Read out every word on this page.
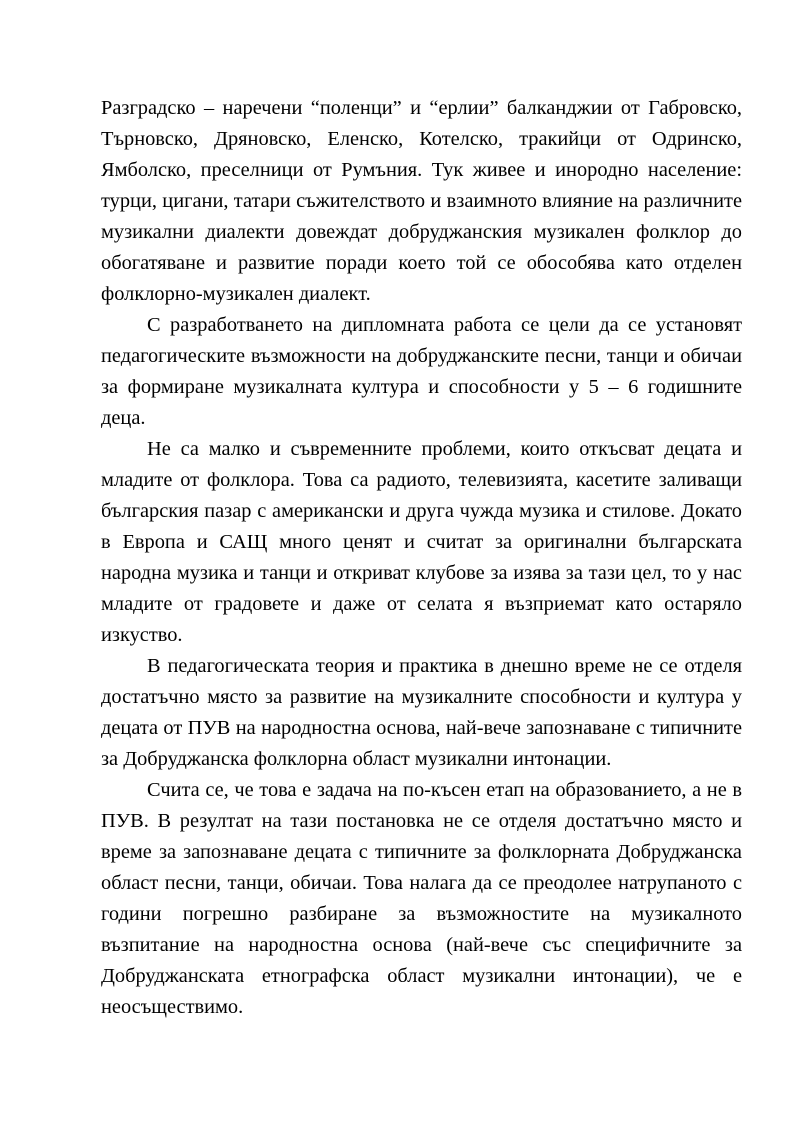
Разградско – наречени “поленци” и “ерлии” балканджии от Габровско, Търновско, Дряновско, Еленско, Котелско, тракийци от Одринско, Ямболско, преселници от Румъния. Тук живее и инородно население: турци, цигани, татари съжителството и взаимното влияние на различните музикални диалекти довеждат добруджанския музикален фолклор до обогатяване и развитие поради което той се обособява като отделен фолклорно-музикален диалект.

С разработването на дипломната работа се цели да се установят педагогическите възможности на добруджанските песни, танци и обичаи за формиране музикалната култура и способности у 5 – 6 годишните деца.

Не са малко и съвременните проблеми, които откъсват децата и младите от фолклора. Това са радиото, телевизията, касетите заливащи българския пазар с американски и друга чужда музика и стилове. Докато в Европа и САЩ много ценят и считат за оригинални българската народна музика и танци и откриват клубове за изява за тази цел, то у нас младите от градовете и даже от селата я възприемат като остаряло изкуство.

В педагогическата теория и практика в днешно време не се отделя достатъчно място за развитие на музикалните способности и култура у децата от ПУВ на народностна основа, най-вече запознаване с типичните за Добруджанска фолклорна област музикални интонации.

Счита се, че това е задача на по-късен етап на образованието, а не в ПУВ. В резултат на тази постановка не се отделя достатъчно място и време за запознаване децата с типичните за фолклорната Добруджанска област песни, танци, обичаи. Това налага да се преодолее натрупаното с години погрешно разбиране за възможностите на музикалното възпитание на народностна основа (най-вече със специфичните за Добруджанската етнографска област музикални интонации), че е неосъществимо.
